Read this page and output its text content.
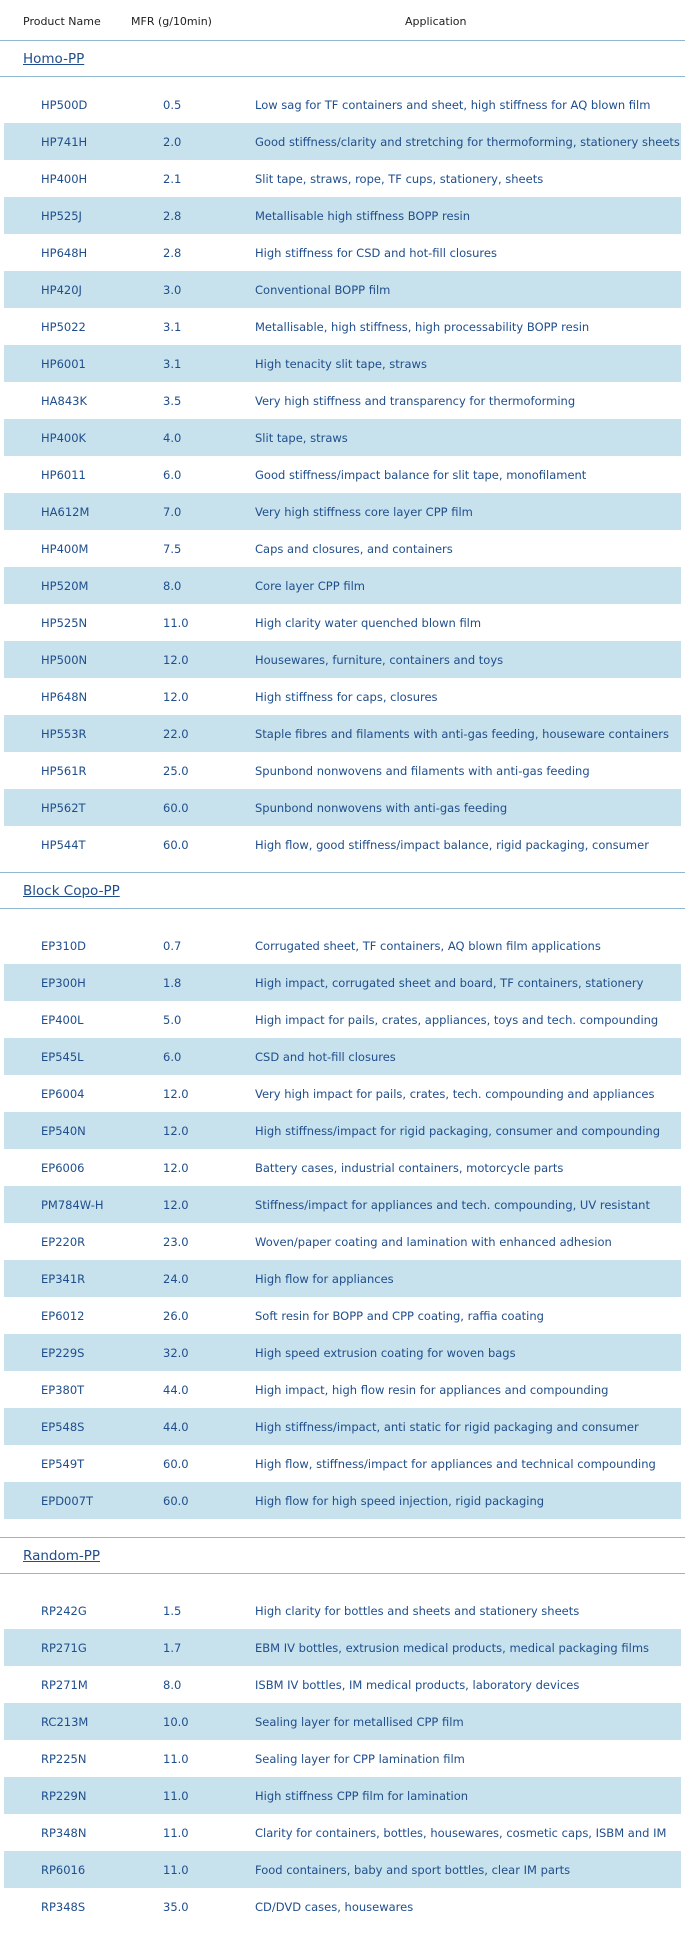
Product Name	MFR (g/10min)	Application
Homo-PP
HP500D	0.5	Low sag for TF containers and sheet, high stiffness for AQ blown film
HP741H	2.0	Good stiffness/clarity and stretching for thermoforming, stationery sheets
HP400H	2.1	Slit tape, straws, rope, TF cups, stationery, sheets
HP525J	2.8	Metallisable high stiffness BOPP resin
HP648H	2.8	High stiffness for CSD and hot-fill closures
HP420J	3.0	Conventional BOPP film
HP5022	3.1	Metallisable, high stiffness, high processability BOPP resin
HP6001	3.1	High tenacity slit tape, straws
HA843K	3.5	Very high stiffness and transparency for thermoforming
HP400K	4.0	Slit tape, straws
HP6011	6.0	Good stiffness/impact balance for slit tape, monofilament
HA612M	7.0	Very high stiffness core layer CPP film
HP400M	7.5	Caps and closures, and containers
HP520M	8.0	Core layer CPP film
HP525N	11.0	High clarity water quenched blown film
HP500N	12.0	Housewares, furniture, containers and toys
HP648N	12.0	High stiffness for caps, closures
HP553R	22.0	Staple fibres and filaments with anti-gas feeding, houseware containers
HP561R	25.0	Spunbond nonwovens and filaments with anti-gas feeding
HP562T	60.0	Spunbond nonwovens with anti-gas feeding
HP544T	60.0	High flow, good stiffness/impact balance, rigid packaging, consumer
Block Copo-PP
EP310D	0.7	Corrugated sheet, TF containers, AQ blown film applications
EP300H	1.8	High impact, corrugated sheet and board, TF containers, stationery
EP400L	5.0	High impact for pails, crates, appliances, toys and tech. compounding
EP545L	6.0	CSD and hot-fill closures
EP6004	12.0	Very high impact for pails, crates, tech. compounding and appliances
EP540N	12.0	High stiffness/impact for rigid packaging, consumer and compounding
EP6006	12.0	Battery cases, industrial containers, motorcycle parts
PM784W-H	12.0	Stiffness/impact for appliances and tech. compounding, UV resistant
EP220R	23.0	Woven/paper coating and lamination with enhanced adhesion
EP341R	24.0	High flow for appliances
EP6012	26.0	Soft resin for BOPP and CPP coating, raffia coating
EP229S	32.0	High speed extrusion coating for woven bags
EP380T	44.0	High impact, high flow resin for appliances and compounding
EP548S	44.0	High stiffness/impact, anti static for rigid packaging and consumer
EP549T	60.0	High flow, stiffness/impact for appliances and technical compounding
EPD007T	60.0	High flow for high speed injection, rigid packaging
Random-PP
RP242G	1.5	High clarity for bottles and sheets and stationery sheets
RP271G	1.7	EBM IV bottles, extrusion medical products, medical packaging films
RP271M	8.0	ISBM IV bottles, IM medical products, laboratory devices
RC213M	10.0	Sealing layer for metallised CPP film
RP225N	11.0	Sealing layer for CPP lamination film
RP229N	11.0	High stiffness CPP film for lamination
RP348N	11.0	Clarity for containers, bottles, housewares, cosmetic caps, ISBM and IM
RP6016	11.0	Food containers, baby and sport bottles, clear IM parts
RP348S	35.0	CD/DVD cases, housewares
